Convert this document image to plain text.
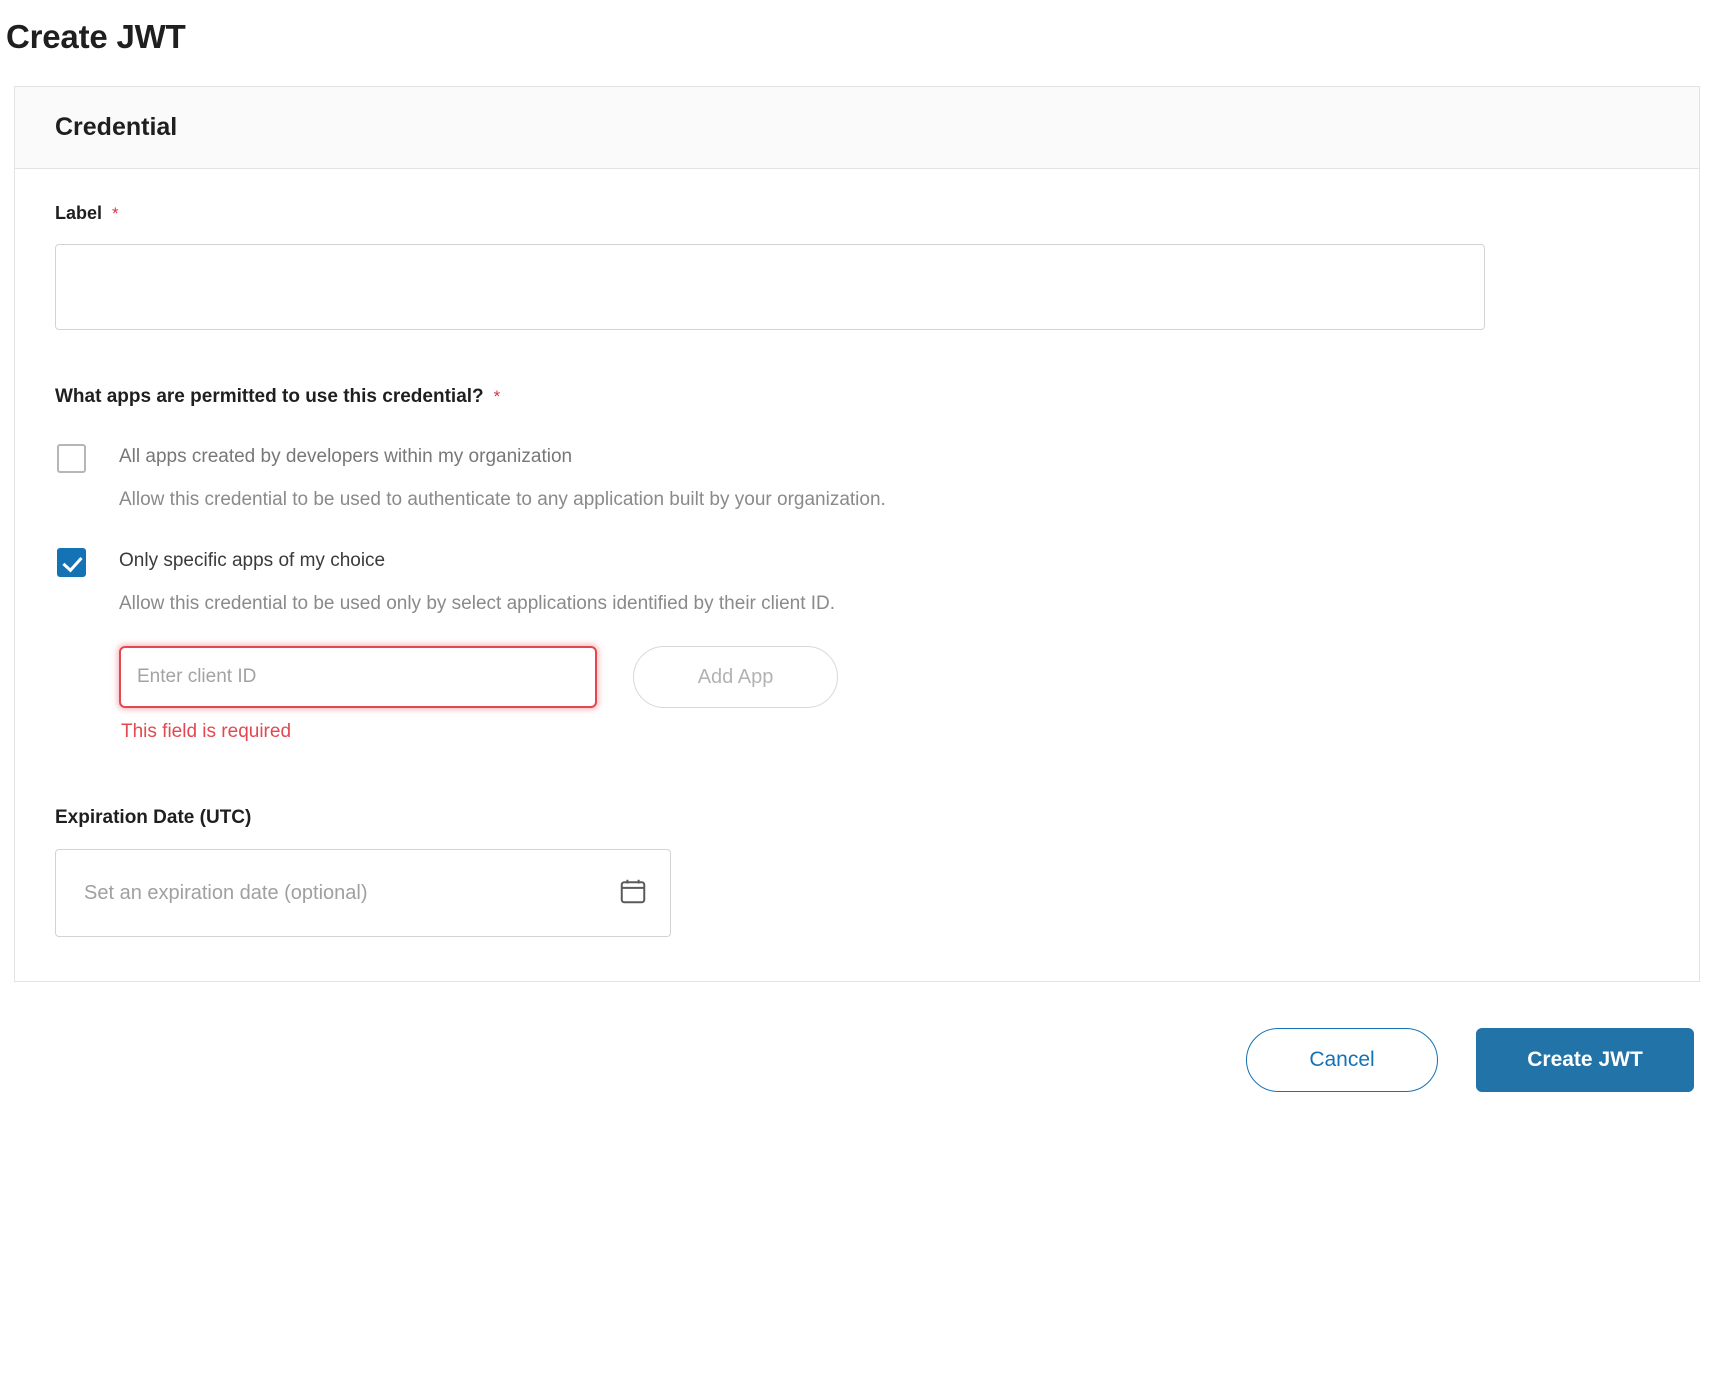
Create JWT
Credential
Label *
What apps are permitted to use this credential? *
All apps created by developers within my organization
Allow this credential to be used to authenticate to any application built by your organization.
Only specific apps of my choice
Allow this credential to be used only by select applications identified by their client ID.
Enter client ID
Add App
This field is required
Expiration Date (UTC)
Set an expiration date (optional)
Cancel	Create JWT
